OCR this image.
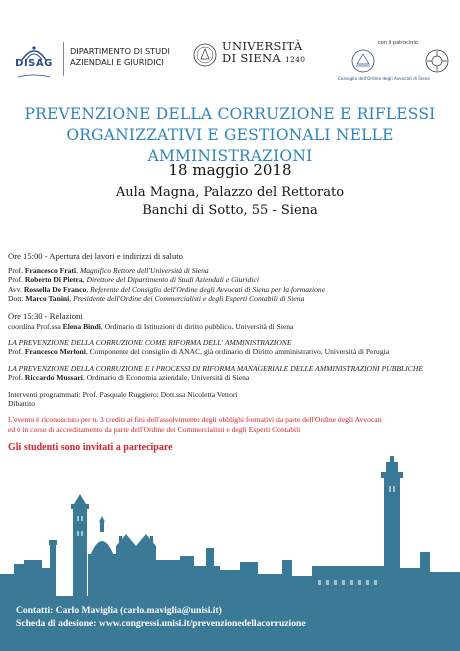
DISAG
DIPARTIMENTO DI STUDI
AZIENDALI E GIURIDICI
UNIVERSITÀ
DI SIENA 1240
con il patrocinio
Consiglio dell'Ordine degli Avvocati di Siena
PREVENZIONE DELLA CORRUZIONE E RIFLESSI
ORGANIZZATIVI E GESTIONALI NELLE AMMINISTRAZIONI
18 maggio 2018
Aula Magna, Palazzo del Rettorato
Banchi di Sotto, 55 - Siena

Ore 15:00 - Apertura dei lavori e indirizzi di saluto

Prof. Francesco Frati, Magnifico Rettore dell'Università di Siena

Prof. Roberto Di Pietra, Direttore del Dipartimento di Studi Aziendali e Giuridici

Avv. Rossella De Franco, Referente del Consiglio dell'Ordine degli Avvocati di Siena per la formazione

Dott. Marco Tanini, Presidente dell'Ordine dei Commercialisti e degli Esperti Contabili di Siena

Ore 15:30 - Relazioni

coordina Prof.ssa Elena Bindi, Ordinario di Istituzioni di diritto pubblico, Università di Siena

LA PREVENZIONE DELLA CORRUZIONE COME RIFORMA DELL' AMMINISTRAZIONE

Prof. Francesco Merloni, Componente del consiglio di ANAC, già ordinario di Diritto amministrativo, Università di Perugia

LA PREVENZIONE DELLA CORRUZIONE E I PROCESSI DI RIFORMA MANAGERIALE DELLE AMMINISTRAZIONI PUBBLICHE

Prof. Riccardo Mussari, Ordinario di Economia aziendale, Università di Siena

Interventi programmati: Prof. Pasquale Ruggiero; Dott.ssa Nicoletta Vettori

Dibattito

L'evento è riconosciuto per n. 3 crediti ai fini dell'assolvimento degli obblighi formativi da parte dell'Ordine degli Avvocati

ed è in corso di accreditamento da parte dell'Ordine dei Commercialisti e degli Esperti Contabili

Gli studenti sono invitati a partecipare

Contatti: Carlo Maviglia (carlo.maviglia@unisi.it)
Scheda di adesione: www.congressi.unisi.it/prevenzionedellacorruzione
